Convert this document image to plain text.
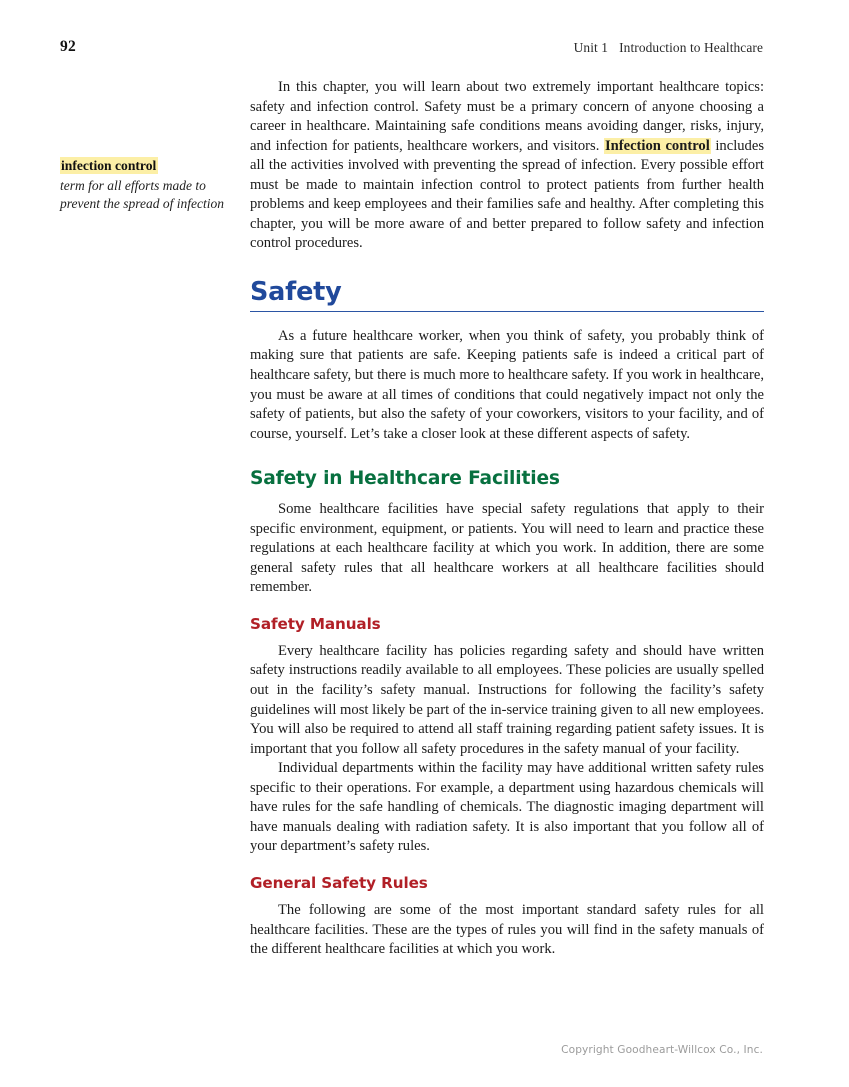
92	Unit 1 Introduction to Healthcare
infection control

term for all efforts made to prevent the spread of infection

In this chapter, you will learn about two extremely important healthcare topics: safety and infection control. Safety must be a primary concern of anyone choosing a career in healthcare. Maintaining safe conditions means avoiding danger, risks, injury, and infection for patients, healthcare workers, and visitors. Infection control includes all the activities involved with preventing the spread of infection. Every possible effort must be made to maintain infection control to protect patients from further health problems and keep employees and their families safe and healthy. After completing this chapter, you will be more aware of and better prepared to follow safety and infection control procedures.

Safety

As a future healthcare worker, when you think of safety, you probably think of making sure that patients are safe. Keeping patients safe is indeed a critical part of healthcare safety, but there is much more to healthcare safety. If you work in healthcare, you must be aware at all times of conditions that could negatively impact not only the safety of patients, but also the safety of your coworkers, visitors to your facility, and of course, yourself. Let’s take a closer look at these different aspects of safety.

Safety in Healthcare Facilities

Some healthcare facilities have special safety regulations that apply to their specific environment, equipment, or patients. You will need to learn and practice these regulations at each healthcare facility at which you work. In addition, there are some general safety rules that all healthcare workers at all healthcare facilities should remember.

Safety Manuals

Every healthcare facility has policies regarding safety and should have written safety instructions readily available to all employees. These policies are usually spelled out in the facility’s safety manual. Instructions for following the facility’s safety guidelines will most likely be part of the in-service training given to all new employees. You will also be required to attend all staff training regarding patient safety issues. It is important that you follow all safety procedures in the safety manual of your facility.

Individual departments within the facility may have additional written safety rules specific to their operations. For example, a department using hazardous chemicals will have rules for the safe handling of chemicals. The diagnostic imaging department will have manuals dealing with radiation safety. It is also important that you follow all of your department’s safety rules.

General Safety Rules

The following are some of the most important standard safety rules for all healthcare facilities. These are the types of rules you will find in the safety manuals of the different healthcare facilities at which you work.

Copyright Goodheart-Willcox Co., Inc.
